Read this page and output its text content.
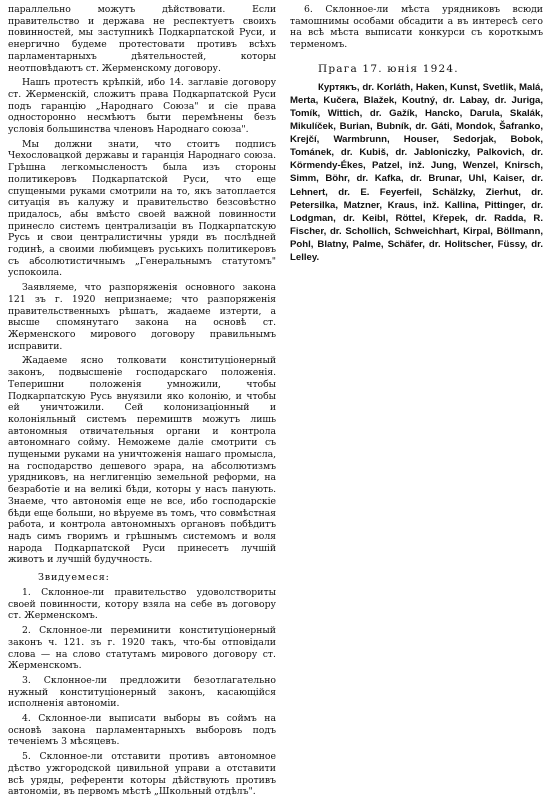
параллельно можутъ дѣйствовати. Если правительство и держава не респектуетъ своихъ повинностей, мы заступникѣ Подкарпатской Руси, и енергично будеме протестовати противъ всѣхъ парламентарныхъ дѣятельностей, которы неотповѣдаютъ ст. Жерменскому договору.

Нашъ протестъ крѣпкій, ибо 14. заглавіе договору ст. Жерменскій, сложитъ права Подкарпатской Руси подъ гаранцію „Народнаго Союза" и сіе права односторонно несмѣютъ быти перемѣнены безъ условія большинства членовъ Народнаго союза".

Мы должни знати, что стоитъ подписъ Чехословацкой державы и гаранція Народнаго союза. Грѣшна легкомысленостъ была изъ стороны политикеровъ Подкарпатской Руси, что еще спущеными руками смотрили на то, якъ затоплается ситуація въ калужу и правительство безсовѣстно придалось, абы вмѣсто своей важной повинности принесло системъ централизаціи въ Подкарпатскую Русь и свои централистичны уряди въ послѣдней годинѣ, а своими любимцевъ руськихъ политикеровъ съ абсолютистичнымъ „Генеральнымъ статутомъ" успокоила.

Заявляеме, что разпоряженія основного закона 121 зъ г. 1920 непризнаеме; что разпоряженія правительственныхъ рѣшатъ, жадаеме изтерти, а высше спомянутаго закона на основѣ ст. Жерменского мирового договору правильнымъ исправити.

Жадаеме ясно толковати конституціонерный законъ, подвысшеніе господарскаго положенія. Теперишни положенія умножили, чтобы Подкарпатскую Русь внуязили яко колонію, и чтобы ей уничтожили. Сей колонизаціонный и колоніяльный системъ перемиштв можутъ лишь автономныя отвичательныя органи и контрола автономнаго сойму. Неможеме даліе смотрити съ пущеными руками на уничтоженія нашаго промысла, на господарство дешевого эрара, на абсолютизмъ урядниковъ, на неглигенцію земельной реформи, на безработіе и на великі бѣди, которы у насъ панують. Знаеме, что автономія еще не все, ибо господарскіе бѣди еще больши, но вѣруеме въ томъ, что совмѣстная работа, и контрола автономныхъ органовъ побѣдитъ надъ симъ гворимъ и грѣшнымъ системомъ и воля народа Подкарпатской Руси принесетъ лучшій животъ и лучшій будучность.

Звидуемеся:

1. Склонное-ли правительство удоволствориты своей повинности, котору взяла на себе въ договору ст. Жерменскомъ.

2. Склонное-ли переминити конституціонерный законъ ч. 121. зъ г. 1920 такъ, что-бы отповідали слова — на слово статутамъ мирового договору ст. Жерменскомъ.

3. Склонное-ли предложити безотлагательно нужный конституціонерный законъ, касающійся исполненія автономіи.

4. Склонное-ли выписати выборы въ соймъ на основѣ закона парламентарныхъ выборовъ подъ теченіемъ 3 мѣсяцевъ.

5. Склонное-ли отставити противъ автономное дѣство ужгородской цивильной управи а отставити всѣ уряды, референти которы дѣйствують противъ автономіи, въ первомъ мѣстѣ „Школьный отдѣлъ".

6. Склонное-ли мѣста урядниковъ всюди тамошнимы особами обсадити а въ интересѣ сего на всѣ мѣста выписати конкурси съ короткымъ терменомъ.

Прага 17. юнія 1924.

Куртякъ, dr. Korláth, Haken, Kunst, Svetlik, Malá, Merta, Kučera, Blažek, Koutný, dr. Labay, dr. Juriga, Tomík, Wittich, dr. Gažík, Hancko, Darula, Skalák, Mikulíček, Burian, Bubník, dr. Gáti, Mondok, Šafranko, Krejčí, Warmbrunn, Houser, Sedorjak, Bobok, Tománek, dr. Kubiš, dr. Jabloniczky, Palkovich, dr. Körmendy-Ékes, Patzel, inž. Jung, Wenzel, Knirsch, Simm, Böhr, dr. Kafka, dr. Brunar, Uhl, Kaiser, dr. Lehnert, dr. E. Feyerfeil, Schälzky, Zierhut, dr. Petersilka, Matzner, Kraus, inž. Kallina, Pittinger, dr. Lodgman, dr. Keibl, Röttel, Křepek, dr. Radda, R. Fischer, dr. Schollich, Schweichhart, Kirpal, Böllmann, Pohl, Blatny, Palme, Schäfer, dr. Holitscher, Füssy, dr. Lelley.
